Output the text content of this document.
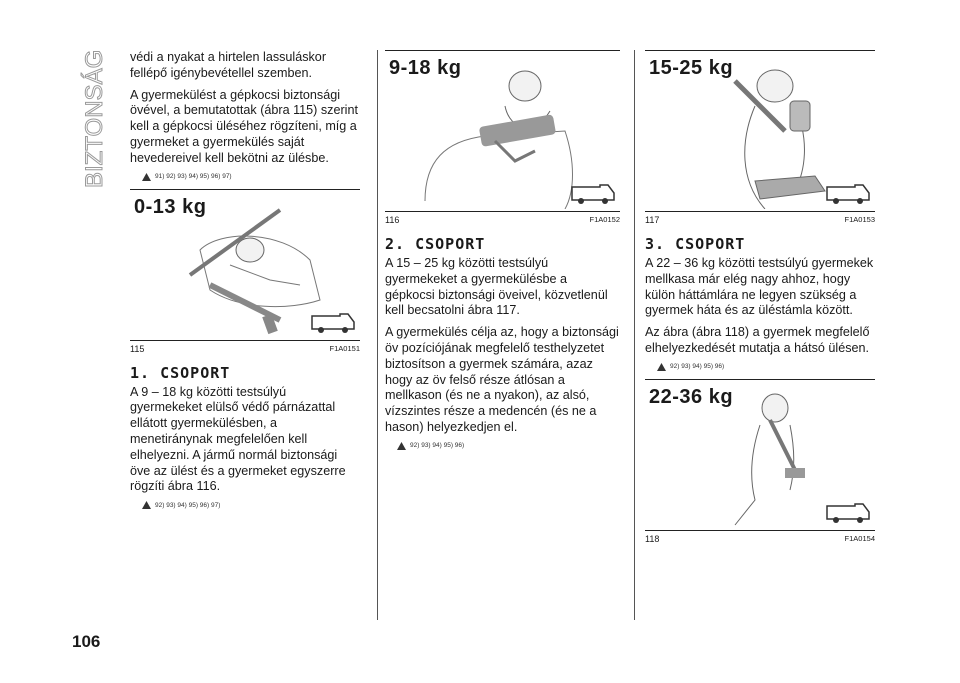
BIZTONSÁG védi a nyakat a hirtelen lassuláskor fellépő igénybevétellel szemben.

A gyermekülést a gépkocsi biztonsági övével, a bemutatottak (ábra 115) szerint kell a gépkocsi üléséhez rögzíteni, míg a gyermeket a gyermekülés saját hevedereivel kell bekötni az ülésbe.

91) 92) 93) 94) 95) 96) 97)
0-13 kg
115	F1A0151
1. CSOPORT

A 9 – 18 kg közötti testsúlyú gyermekeket elülső védő párnázattal ellátott gyermekülésben, a menetiránynak megfelelően kell elhelyezni. A jármű normál biztonsági öve az ülést és a gyermeket egyszerre rögzíti ábra 116.

92) 93) 94) 95) 96) 97)
9-18 kg
116	F1A0152
2. CSOPORT

A 15 – 25 kg közötti testsúlyú gyermekeket a gyermekülésbe a gépkocsi biztonsági öveivel, közvetlenül kell becsatolni ábra 117.

A gyermekülés célja az, hogy a biztonsági öv pozíciójának megfelelő testhelyzetet biztosítson a gyermek számára, azaz hogy az öv felső része átlósan a mellkason (és ne a nyakon), az alsó, vízszintes része a medencén (és ne a hason) helyezkedjen el.

92) 93) 94) 95) 96)
15-25 kg
117	F1A0153
3. CSOPORT

A 22 – 36 kg közötti testsúlyú gyermekek mellkasa már elég nagy ahhoz, hogy külön háttámlára ne legyen szükség a gyermek háta és az üléstámla között.

Az ábra (ábra 118) a gyermek megfelelő elhelyezkedését mutatja a hátsó ülésen.

92) 93) 94) 95) 96)
22-36 kg
118	F1A0154
106
